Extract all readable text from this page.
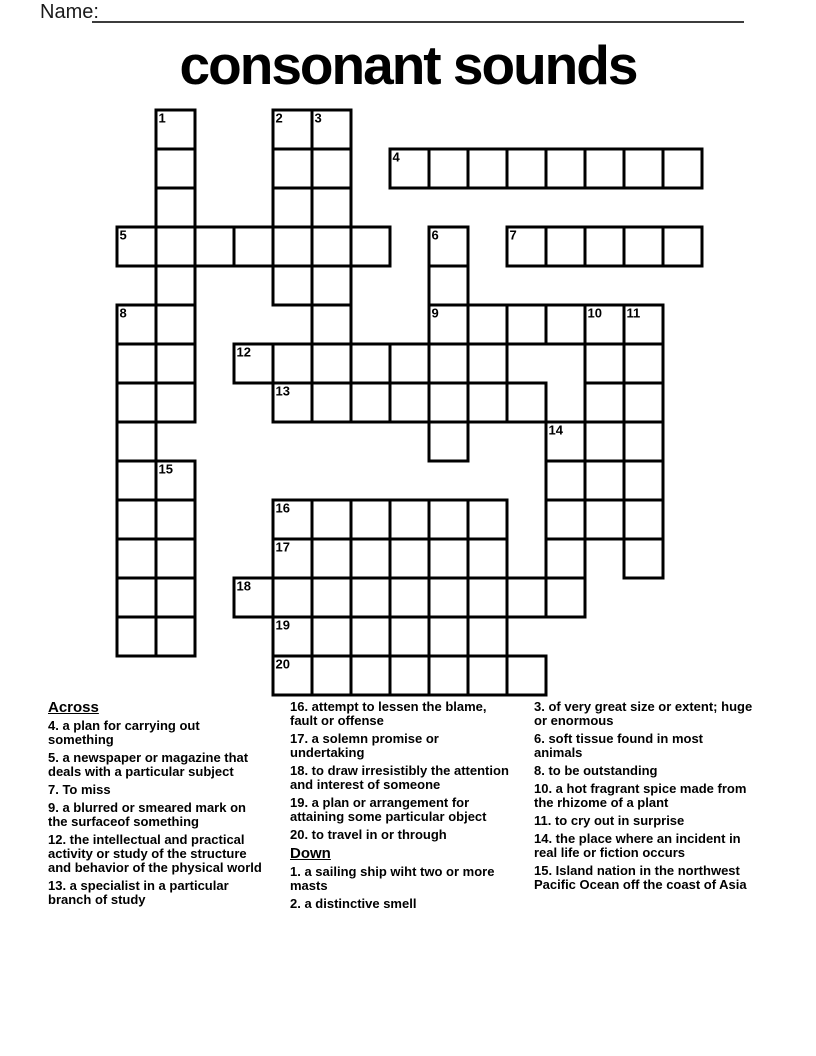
Name:
consonant sounds
1	2 3
4
5	6	7
8	9	10 11
12
13
14
15
16
17
18
19
20
Across
4. a plan for carrying out something
5. a newspaper or magazine that deals with a particular subject
7. To miss
9. a blurred or smeared mark on the surfaceof something
12. the intellectual and practical activity or study of the structure and behavior of the physical world
13. a specialist in a particular branch of study
16. attempt to lessen the blame, fault or offense
17. a solemn promise or undertaking
18. to draw irresistibly the attention and interest of someone
19. a plan or arrangement for attaining some particular object
20. to travel in or through
Down
1. a sailing ship wiht two or more masts
2. a distinctive smell
3. of very great size or extent; huge or enormous
6. soft tissue found in most animals
8. to be outstanding
10. a hot fragrant spice made from the rhizome of a plant
11. to cry out in surprise
14. the place where an incident in real life or fiction occurs
15. Island nation in the northwest Pacific Ocean off the coast of Asia
